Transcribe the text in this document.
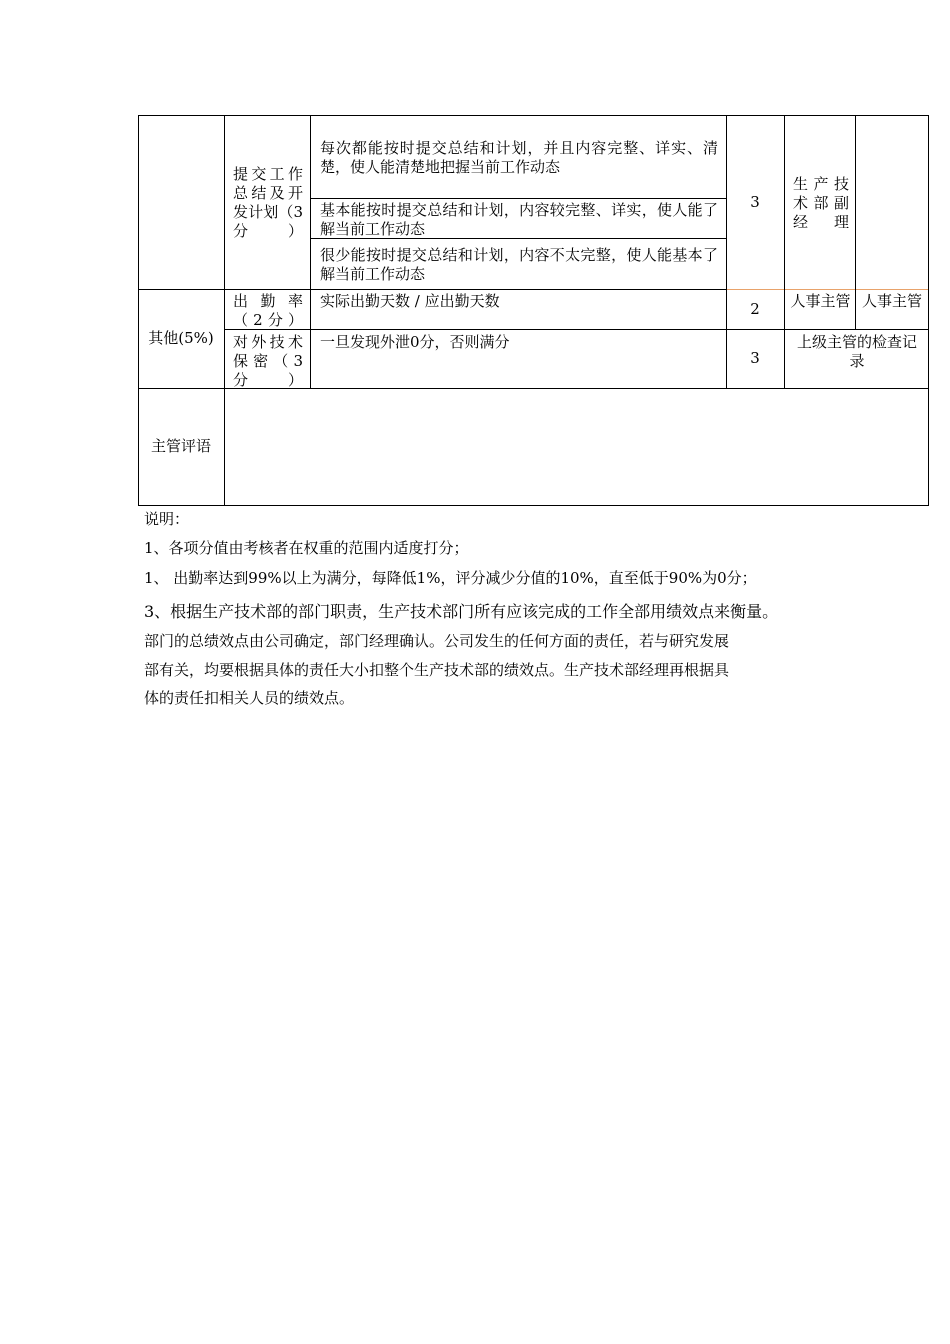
提交工作总结及开发计划（3分）
每次都能按时提交总结和计划，并且内容完整、详实、清楚，使人能清楚地把握当前工作动态
基本能按时提交总结和计划，内容较完整、详实，使人能了解当前工作动态
很少能按时提交总结和计划，内容不太完整，使人能基本了解当前工作动态
3
生产技术部副经理
其他(5%)
出 勤 率（2分）
实际出勤天数 / 应出勤天数	2	人事主管 人事主管
对外技术保密（3分）
一旦发现外泄0分，否则满分
3
上级主管的检查记录
主管评语

说明：

1、各项分值由考核者在权重的范围内适度打分；

1、 出勤率达到99%以上为满分，每降低1%，评分减少分值的10%，直至低于90%为0分；

3、根据生产技术部的部门职责，生产技术部门所有应该完成的工作全部用绩效点来衡量。

部门的总绩效点由公司确定，部门经理确认。公司发生的任何方面的责任，若与研究发展

部有关，均要根据具体的责任大小扣整个生产技术部的绩效点。生产技术部经理再根据具

体的责任扣相关人员的绩效点。
